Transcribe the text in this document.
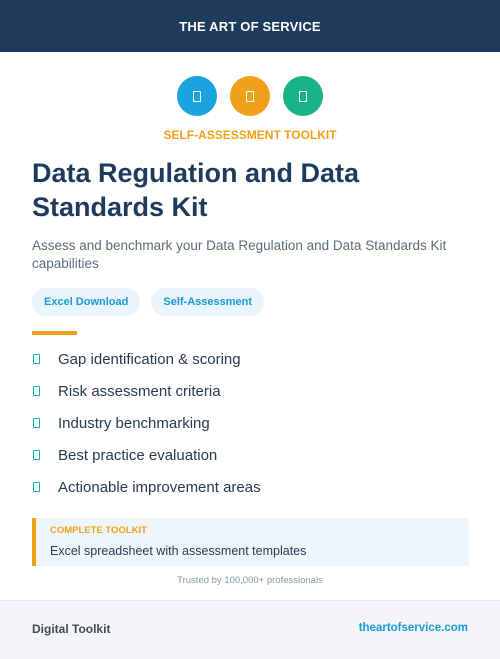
THE ART OF SERVICE
SELF-ASSESSMENT TOOLKIT
Data Regulation and Data Standards Kit
Assess and benchmark your Data Regulation and Data Standards Kit capabilities
Excel Download	Self-Assessment
Gap identification & scoring
Risk assessment criteria
Industry benchmarking
Best practice evaluation
Actionable improvement areas
COMPLETE TOOLKIT
Excel spreadsheet with assessment templates
Trusted by 100,000+ professionals
Digital Toolkit	theartofservice.com
